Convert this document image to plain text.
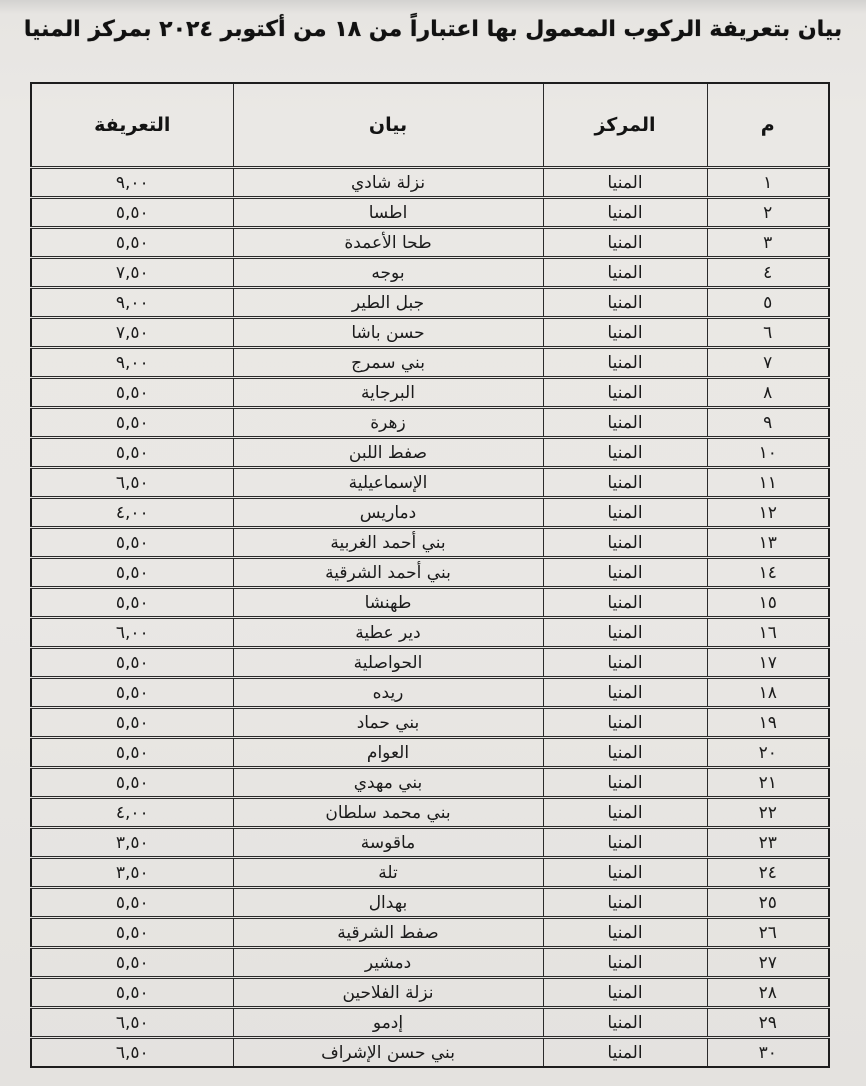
بيان بتعريفة الركوب المعمول بها اعتباراً من ١٨ من أكتوبر ٢٠٢٤ بمركز المنيا
م	المركز	بيان	التعريفة
١	المنيا	نزلة شادي	٩,٠٠
٢	المنيا	اطسا	٥,٥٠
٣	المنيا	طحا الأعمدة	٥,٥٠
٤	المنيا	بوجه	٧,٥٠
٥	المنيا	جبل الطير	٩,٠٠
٦	المنيا	حسن باشا	٧,٥٠
٧	المنيا	بني سمرج	٩,٠٠
٨	المنيا	البرجاية	٥,٥٠
٩	المنيا	زهرة	٥,٥٠
١٠	المنيا	صفط اللبن	٥,٥٠
١١	المنيا	الإسماعيلية	٦,٥٠
١٢	المنيا	دماريس	٤,٠٠
١٣	المنيا	بني أحمد الغربية	٥,٥٠
١٤	المنيا	بني أحمد الشرقية	٥,٥٠
١٥	المنيا	طهنشا	٥,٥٠
١٦	المنيا	دير عطية	٦,٠٠
١٧	المنيا	الحواصلية	٥,٥٠
١٨	المنيا	ريده	٥,٥٠
١٩	المنيا	بني حماد	٥,٥٠
٢٠	المنيا	العوام	٥,٥٠
٢١	المنيا	بني مهدي	٥,٥٠
٢٢	المنيا	بني محمد سلطان	٤,٠٠
٢٣	المنيا	ماقوسة	٣,٥٠
٢٤	المنيا	تلة	٣,٥٠
٢٥	المنيا	بهدال	٥,٥٠
٢٦	المنيا	صفط الشرقية	٥,٥٠
٢٧	المنيا	دمشير	٥,٥٠
٢٨	المنيا	نزلة الفلاحين	٥,٥٠
٢٩	المنيا	إدمو	٦,٥٠
٣٠	المنيا	بني حسن الإشراف	٦,٥٠
